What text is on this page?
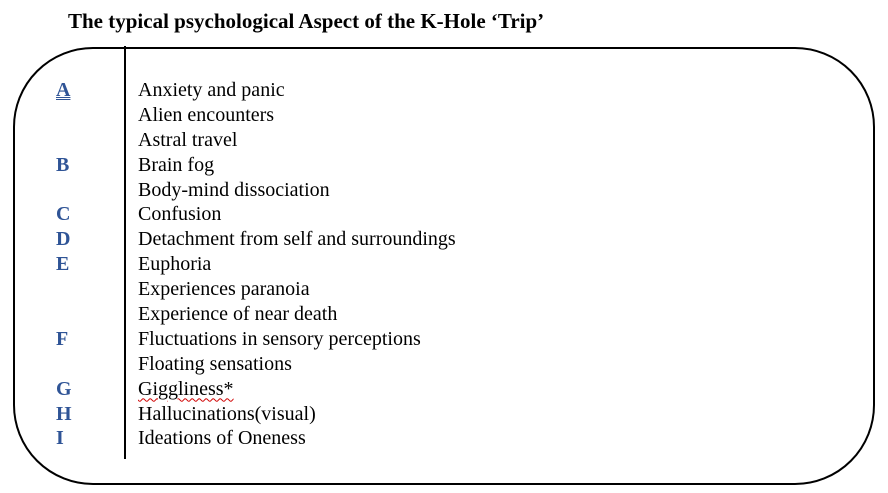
The typical psychological Aspect of the K-Hole ‘Trip’
A
B
C
D
E
F
G
H
I
Anxiety and panic
Alien encounters
Astral travel
Brain fog
Body-mind dissociation
Confusion
Detachment from self and surroundings
Euphoria
Experiences paranoia
Experience of near death
Fluctuations in sensory perceptions
Floating sensations
Giggliness*
Hallucinations(visual)
Ideations of Oneness
